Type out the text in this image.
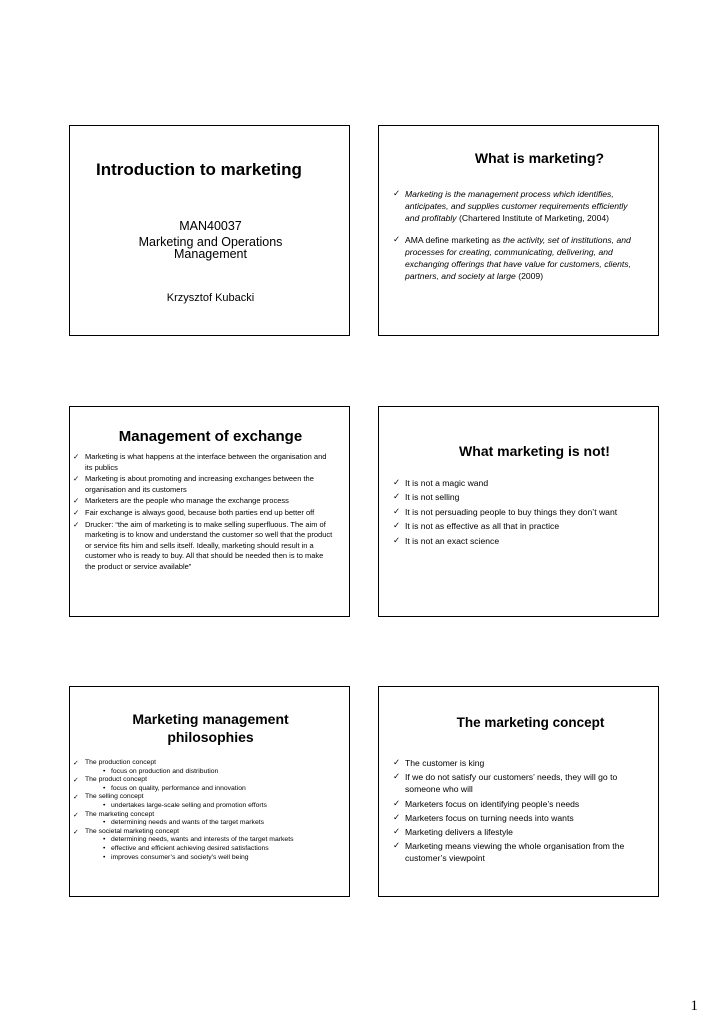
Introduction to marketing
MAN40037
Marketing and Operations
Management
Krzysztof Kubacki
What is marketing?
✓ Marketing is the management process which identifies, anticipates, and supplies customer requirements efficiently and profitably (Chartered Institute of Marketing, 2004)
✓ AMA define marketing as the activity, set of institutions, and processes for creating, communicating, delivering, and exchanging offerings that have value for customers, clients, partners, and society at large (2009)
Management of exchange
✓ Marketing is what happens at the interface between the organisation and its publics
✓ Marketing is about promoting and increasing exchanges between the organisation and its customers
✓ Marketers are the people who manage the exchange process
✓ Fair exchange is always good, because both parties end up better off
✓ Drucker: “the aim of marketing is to make selling superfluous. The aim of marketing is to know and understand the customer so well that the product or service fits him and sells itself. Ideally, marketing should result in a customer who is ready to buy. All that should be needed then is to make the product or service available”
What marketing is not!
✓ It is not a magic wand
✓ It is not selling
✓ It is not persuading people to buy things they don’t want
✓ It is not as effective as all that in practice
✓ It is not an exact science
Marketing management
philosophies
✓ The production concept
• focus on production and distribution
✓ The product concept
• focus on quality, performance and innovation
✓ The selling concept
• undertakes large-scale selling and promotion efforts
✓ The marketing concept
• determining needs and wants of the target markets
✓ The societal marketing concept
• determining needs, wants and interests of the target markets
• effective and efficient achieving desired satisfactions
• improves consumer’s and society’s well being
The marketing concept
✓ The customer is king
✓ If we do not satisfy our customers’ needs, they will go to someone who will
✓ Marketers focus on identifying people’s needs
✓ Marketers focus on turning needs into wants
✓ Marketing delivers a lifestyle
✓ Marketing means viewing the whole organisation from the customer’s viewpoint
1
